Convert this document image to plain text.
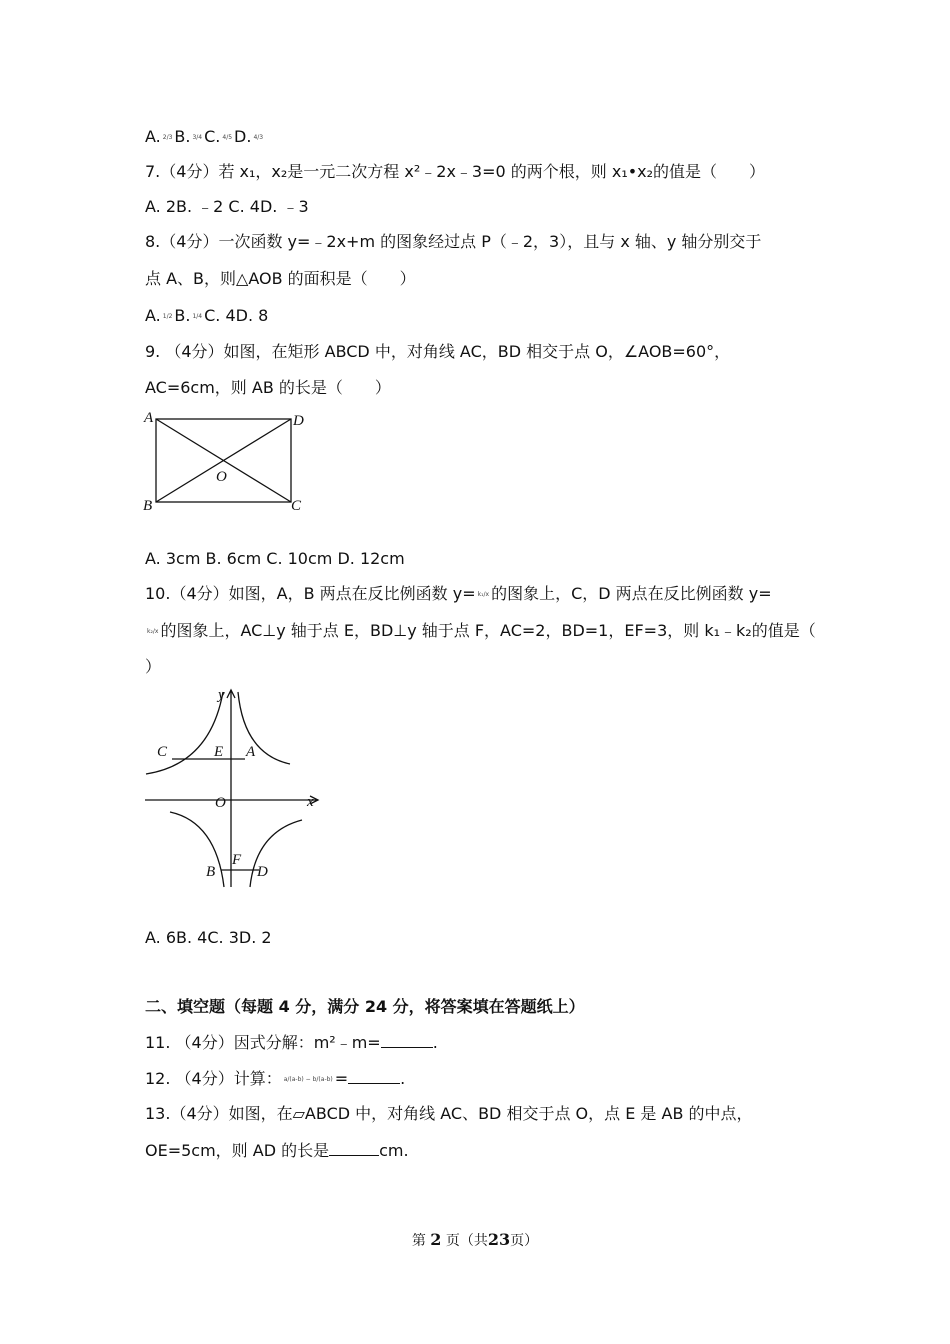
A. 2/3 B. 3/4 C. 4/5 D. 4/3
7.（4分）若 x₁，x₂是一元二次方程 x²﹣2x﹣3=0 的两个根，则 x₁•x₂的值是（　　）
A. 2B. ﹣2 C. 4D. ﹣3
8.（4分）一次函数 y=﹣2x+m 的图象经过点 P（﹣2，3），且与 x 轴、y 轴分别交于
点 A、B，则△AOB 的面积是（　　）
A. 1/2 B. 1/4 C. 4D. 8
9. （4分）如图，在矩形 ABCD 中，对角线 AC，BD 相交于点 O，∠AOB=60°，
AC=6cm，则 AB 的长是（　　）
A	D
B	C
O
A. 3cm B. 6cm C. 10cm D. 12cm
10.（4分）如图，A，B 两点在反比例函数 y= k₁/x 的图象上，C，D 两点在反比例函数 y=
k₂/x 的图象上，AC⊥y 轴于点 E，BD⊥y 轴于点 F，AC=2，BD=1，EF=3，则 k₁﹣k₂的值是（
）
y
x
O
C	E A
B	D
F
A. 6B. 4C. 3D. 2
二、填空题（每题 4 分，满分 24 分，将答案填在答题纸上）
11. （4分）因式分解：m²﹣m=	.
12. （4分）计算： a/(a-b) − b/(a-b) =	.
13.（4分）如图，在▱ABCD 中，对角线 AC、BD 相交于点 O，点 E 是 AB 的中点，
OE=5cm，则 AD 的长是	cm.
第 2 页（共23页）
